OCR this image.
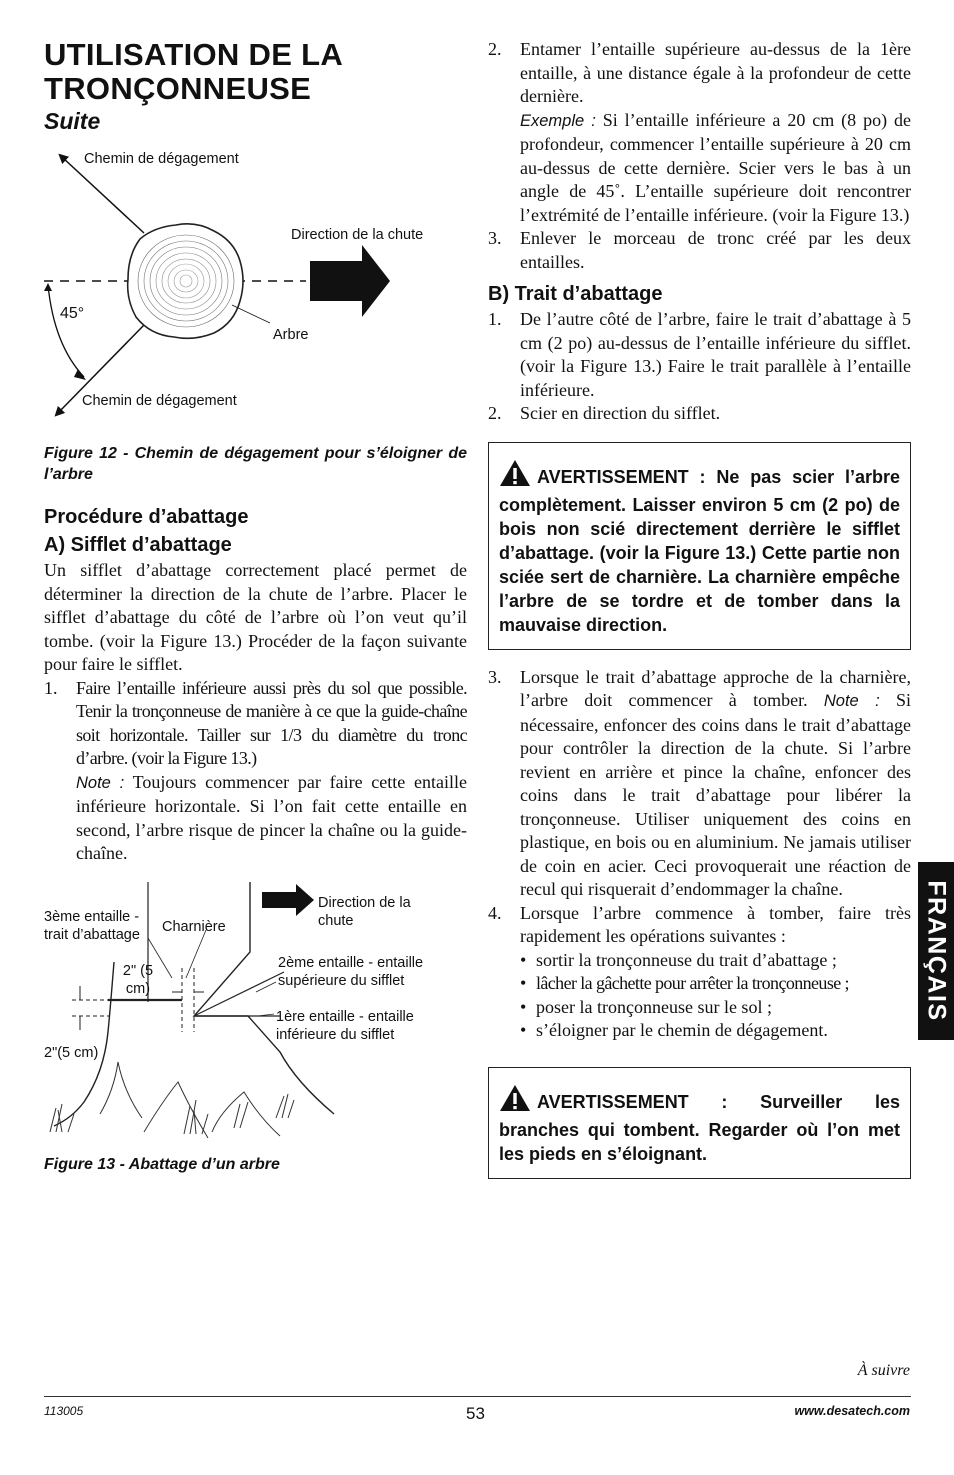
UTILISATION DE LA
TRONÇONNEUSE
Suite
Chemin de dégagement
Direction de la chute
45°
Arbre
Chemin de dégagement
Figure 12 - Chemin de dégagement pour s’éloigner de l’arbre
Procédure d’abattage
A) Sifflet d’abattage

Un sifflet d’abattage correctement placé permet de déterminer la direction de la chute de l’arbre. Placer le sifflet d’abattage du côté de l’arbre où l’on veut qu’il tombe. (voir la Figure 13.) Procéder de la façon suivante pour faire le sifflet.

1.	Faire l’entaille inférieure aussi près du sol que possible. Tenir la tronçonneuse de manière à ce que la guide-chaîne soit horizontale. Tailler sur 1/3 du diamètre du tronc d’arbre. (voir la Figure 13.)
Note : Toujours commencer par faire cette entaille inférieure horizontale. Si l’on fait cette entaille en second, l’arbre risque de pincer la chaîne ou la guide-chaîne.
3ème entaille - trait d’abattage	Charnière
Direction de la chute
2ème entaille - entaille supérieure du sifflet
1ère entaille - entaille inférieure du sifflet
2" (5 cm)
2"(5 cm)
Figure 13 - Abattage d’un arbre
2.	Entamer l’entaille supérieure au-dessus de la 1ère entaille, à une distance égale à la profondeur de cette dernière.
Exemple : Si l’entaille inférieure a 20 cm (8 po) de profondeur, commencer l’entaille supérieure à 20 cm au-dessus de cette dernière. Scier vers le bas à un angle de 45˚. L’entaille supérieure doit rencontrer l’extrémité de l’entaille inférieure. (voir la Figure 13.)
3.	Enlever le morceau de tronc créé par les deux entailles.
B) Trait d’abattage
1.	De l’autre côté de l’arbre, faire le trait d’abattage à 5 cm (2 po) au-dessus de l’entaille inférieure du sifflet. (voir la Figure 13.) Faire le trait parallèle à l’entaille inférieure.
2.	Scier en direction du sifflet.
AVERTISSEMENT : Ne pas scier l’arbre complètement. Laisser environ 5 cm (2 po) de bois non scié directement derrière le sifflet d’abattage. (voir la Figure 13.) Cette partie non sciée sert de charnière. La charnière empêche l’arbre de se tordre et de tomber dans la mauvaise direction.
3.	Lorsque le trait d’abattage approche de la charnière, l’arbre doit commencer à tomber. Note : Si nécessaire, enfoncer des coins dans le trait d’abattage pour contrôler la direction de la chute. Si l’arbre revient en arrière et pince la chaîne, enfoncer des coins dans le trait d’abattage pour libérer la tronçonneuse. Utiliser uniquement des coins en plastique, en bois ou en aluminium. Ne jamais utiliser de coin en acier. Ceci provoquerait une réaction de recul qui risquerait d’endommager la chaîne.
4.	Lorsque l’arbre commence à tomber, faire très rapidement les opérations suivantes :
• sortir la tronçonneuse du trait d’abattage ;
• lâcher la gâchette pour arrêter la tronçonneuse ;
• poser la tronçonneuse sur le sol ;
• s’éloigner par le chemin de dégagement.
AVERTISSEMENT : Surveiller les branches qui tombent. Regarder où l’on met les pieds en s’éloignant.
FRANÇAIS
À suivre
113005	53	www.desatech.com
